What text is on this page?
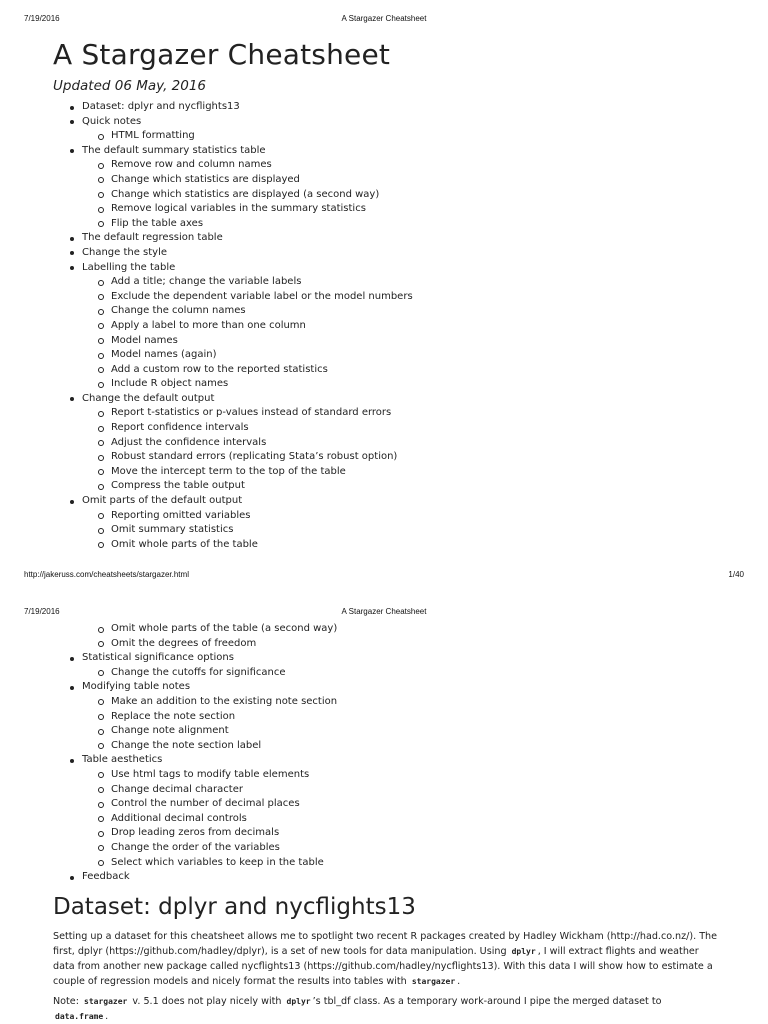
7/19/2016	A Stargazer Cheatsheet
A Stargazer Cheatsheet
Updated 06 May, 2016
Dataset: dplyr and nycflights13
Quick notes
HTML formatting
The default summary statistics table
Remove row and column names
Change which statistics are displayed
Change which statistics are displayed (a second way)
Remove logical variables in the summary statistics
Flip the table axes
The default regression table
Change the style
Labelling the table
Add a title; change the variable labels
Exclude the dependent variable label or the model numbers
Change the column names
Apply a label to more than one column
Model names
Model names (again)
Add a custom row to the reported statistics
Include R object names
Change the default output
Report t-statistics or p-values instead of standard errors
Report confidence intervals
Adjust the confidence intervals
Robust standard errors (replicating Stata’s robust option)
Move the intercept term to the top of the table
Compress the table output
Omit parts of the default output
Reporting omitted variables
Omit summary statistics
Omit whole parts of the table
http://jakeruss.com/cheatsheets/stargazer.html	1/40
7/19/2016	A Stargazer Cheatsheet
Omit whole parts of the table (a second way)
Omit the degrees of freedom
Statistical significance options
Change the cutoffs for significance
Modifying table notes
Make an addition to the existing note section
Replace the note section
Change note alignment
Change the note section label
Table aesthetics
Use html tags to modify table elements
Change decimal character
Control the number of decimal places
Additional decimal controls
Drop leading zeros from decimals
Change the order of the variables
Select which variables to keep in the table
Feedback
Dataset: dplyr and nycflights13

Setting up a dataset for this cheatsheet allows me to spotlight two recent R packages created by Hadley Wickham (http://had.co.nz/). The first, dplyr (https://github.com/hadley/dplyr), is a set of new tools for data manipulation. Using dplyr , I will extract flights and weather data from another new package called nycflights13 (https://github.com/hadley/nycflights13). With this data I will show how to estimate a couple of regression models and nicely format the results into tables with stargazer .

Note: stargazer v. 5.1 does not play nicely with dplyr ’s tbl_df class. As a temporary work-around I pipe the merged dataset to data.frame .
